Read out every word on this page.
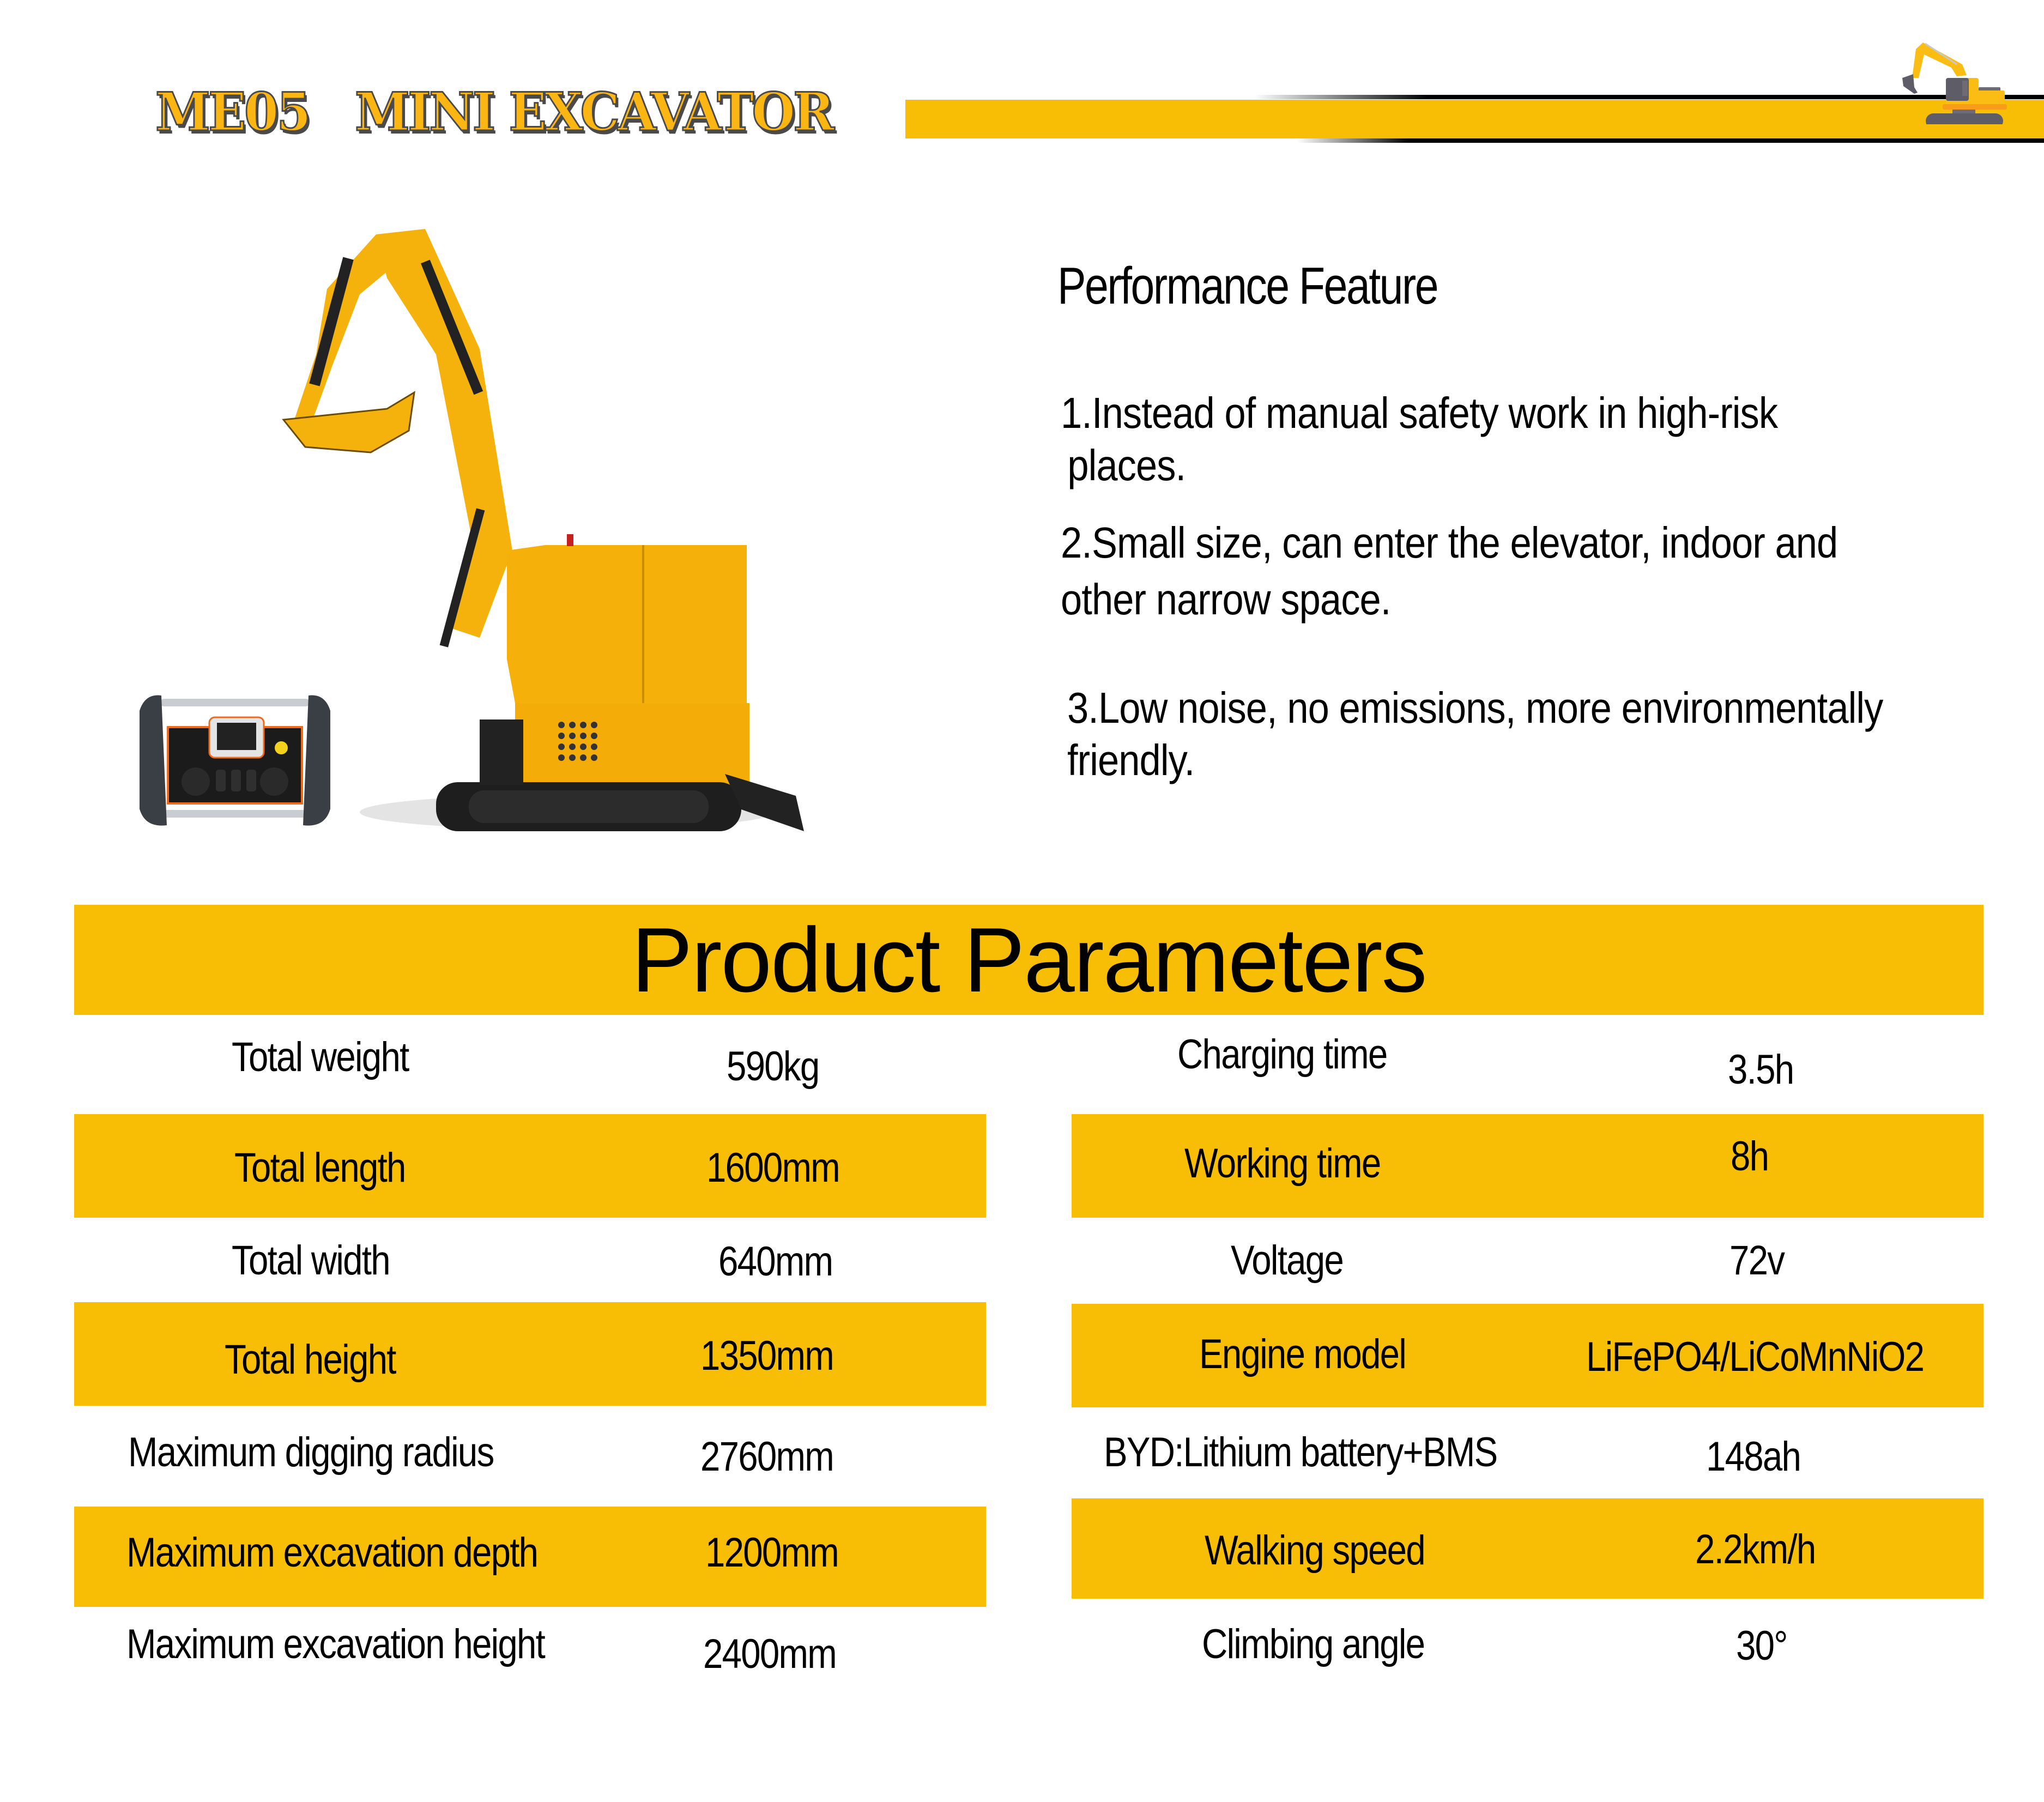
ME05 MINI EXCAVATOR
Performance Feature
1.Instead of manual safety work in high-risk
places.
2.Small size, can enter the elevator, indoor and
other narrow space.
3.Low noise, no emissions, more environmentally
friendly.
Product Parameters
Total weight	590kg
Total length	1600mm
Total width	640mm
Total height	1350mm
Maximum digging radius	2760mm
Maximum excavation depth	1200mm
Maximum excavation height	2400mm
Charging time	3.5h
Working time	8h
Voltage	72v
Engine model	LiFePO4/LiCoMnNiO2
BYD:Lithium battery+BMS	148ah
Walking speed	2.2km/h
Climbing angle	30°
